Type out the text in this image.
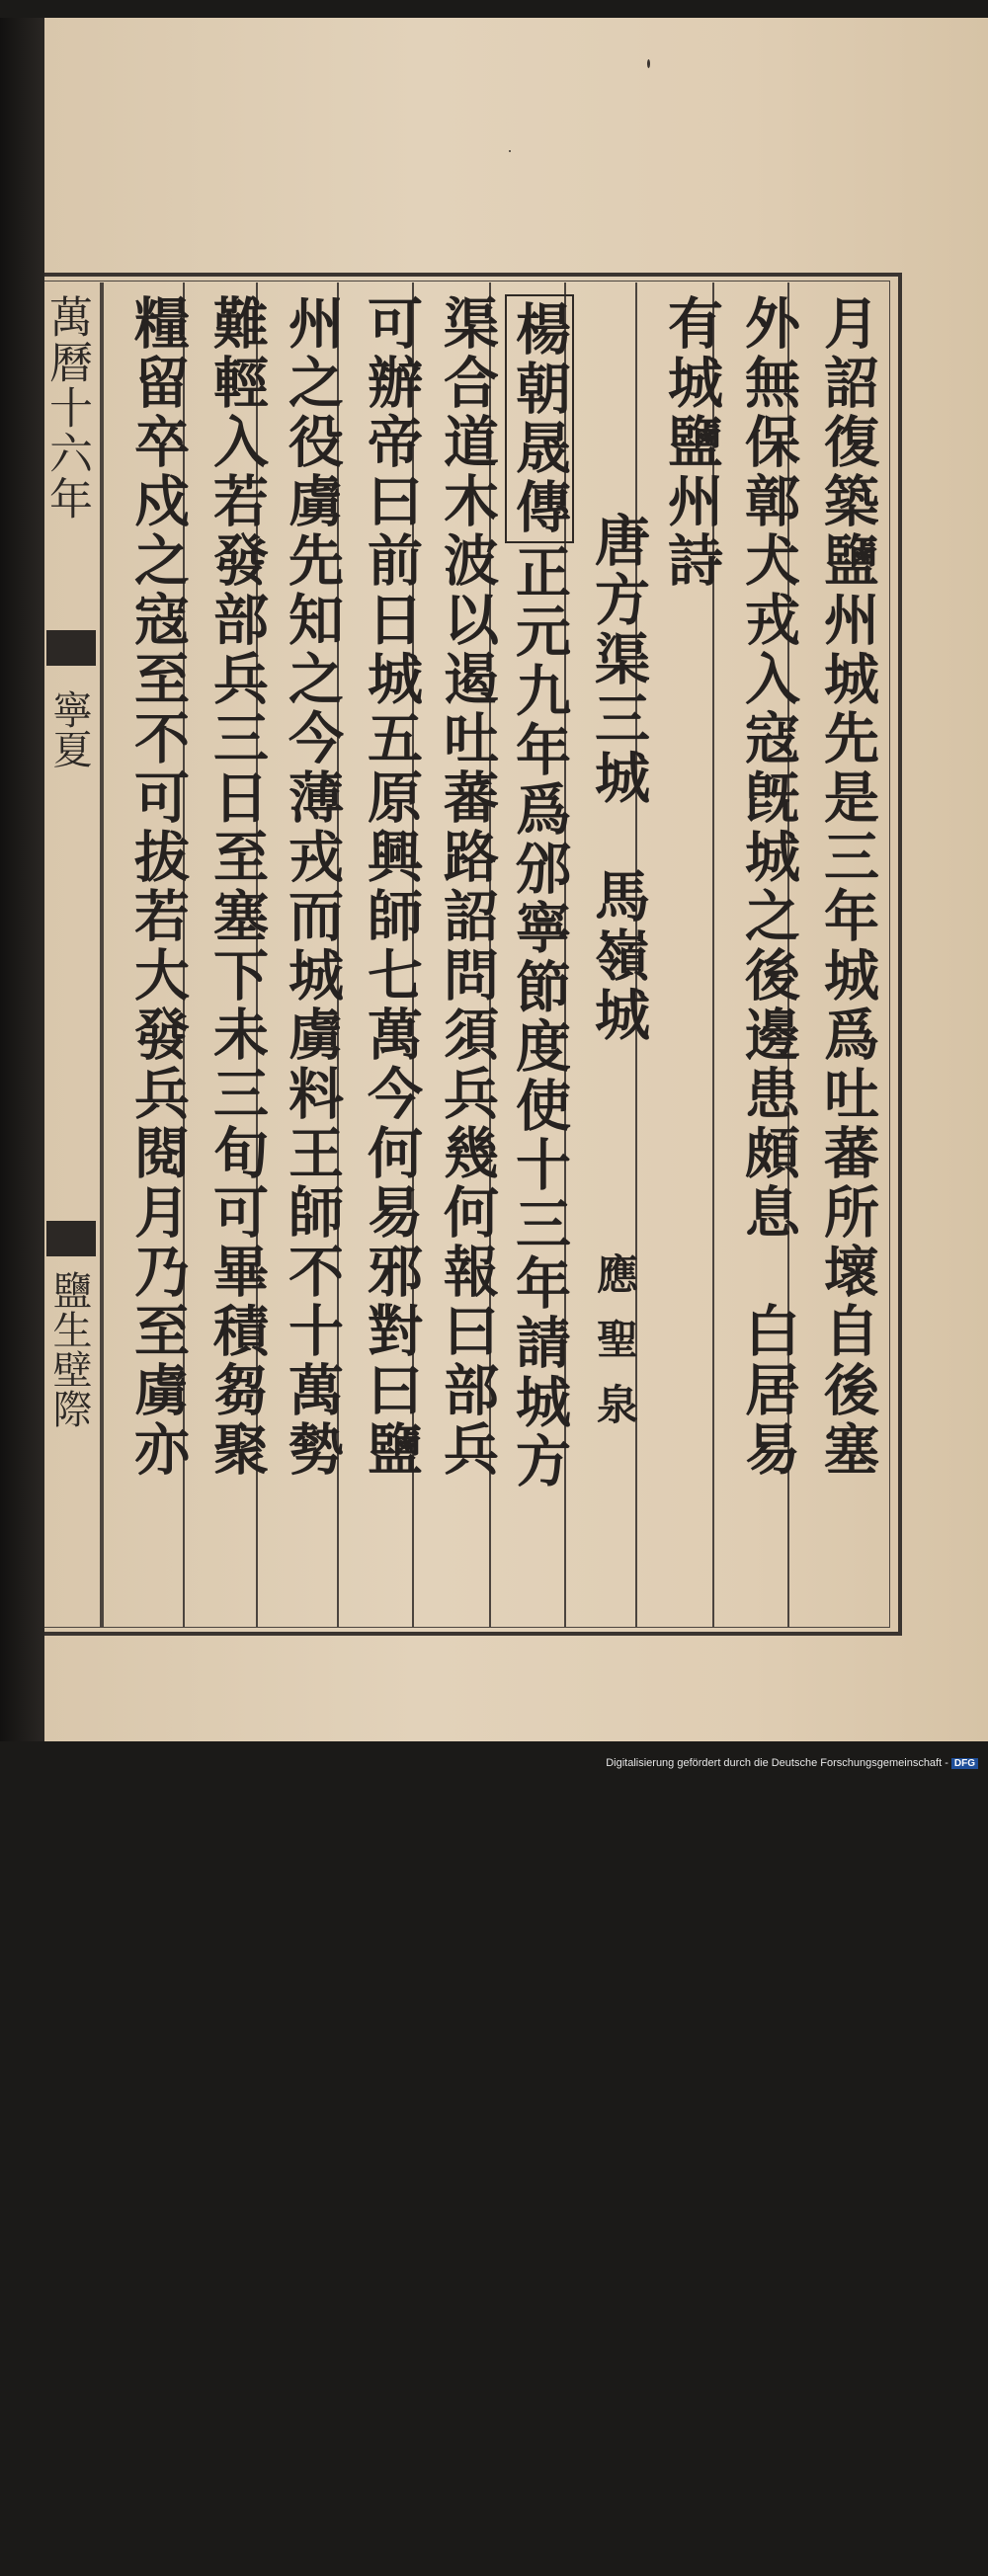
萬曆十六年
寧夏
鹽生壁際	月詔復築鹽州城先是三年城爲吐蕃所壞自後塞
外無保鄣犬戎入寇旣城之後邊患頗息　白居易
有城鹽州詩
唐方渠三城　馬嶺城
應聖泉
楊朝晟傳正元九年爲邠寧節度使十三年請城方
渠合道木波以遏吐蕃路詔問須兵幾何報曰部兵
可辦帝曰前日城五原興師七萬今何易邪對曰鹽
州之役虜先知之今薄戎而城虜料王師不十萬勢
難輕入若發部兵三日至塞下未三旬可畢積芻聚
糧留卒戍之寇至不可拔若大發兵閱月乃至虜亦
Digitalisierung gefördert durch die Deutsche Forschungsgemeinschaft - DFG
